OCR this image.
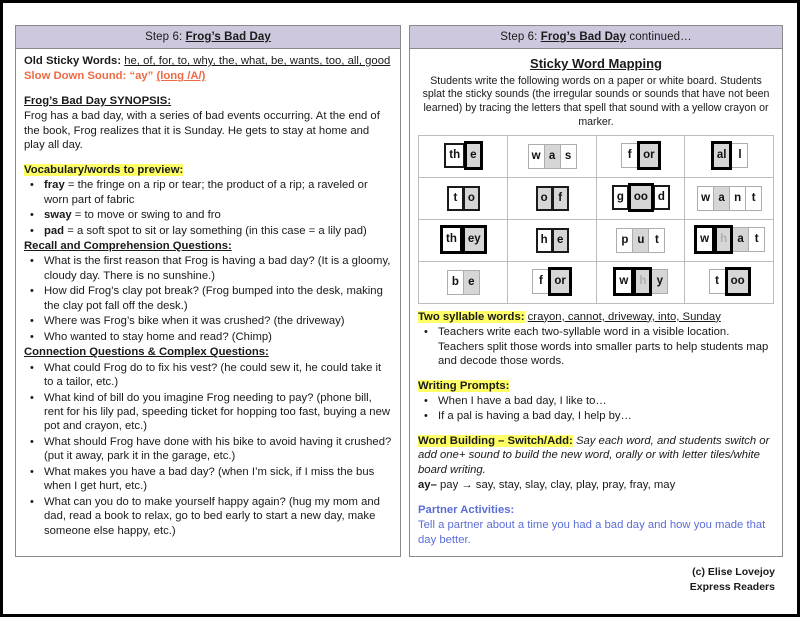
Step 6: Frog’s Bad Day
Old Sticky Words: he, of, for, to, why, the, what, be, wants, too, all, good
Slow Down Sound: “ay” (long /A/)
Frog’s Bad Day SYNOPSIS:
Frog has a bad day, with a series of bad events occurring. At the end of the book, Frog realizes that it is Sunday. He gets to stay at home and play all day.
Vocabulary/words to preview:
• fray = the fringe on a rip or tear; the product of a rip; a raveled or worn part of fabric
• sway = to move or swing to and fro
• pad = a soft spot to sit or lay something (in this case = a lily pad)
Recall and Comprehension Questions:
• What is the first reason that Frog is having a bad day? (It is a gloomy, cloudy day. There is no sunshine.)
• How did Frog’s clay pot break? (Frog bumped into the desk, making the clay pot fall off the desk.)
• Where was Frog’s bike when it was crushed? (the driveway)
• Who wanted to stay home and read? (Chimp)
Connection Questions & Complex Questions:
• What could Frog do to fix his vest? (he could sew it, he could take it to a tailor, etc.)
• What kind of bill do you imagine Frog needing to pay? (phone bill, rent for his lily pad, speeding ticket for hopping too fast, buying a new pot and crayon, etc.)
• What should Frog have done with his bike to avoid having it crushed? (put it away, park it in the garage, etc.)
• What makes you have a bad day? (when I’m sick, if I miss the bus when I get hurt, etc.)
• What can you do to make yourself happy again? (hug my mom and dad, read a book to relax, go to bed early to start a new day, make someone else happy, etc.)
Step 6: Frog’s Bad Day continued…
Sticky Word Mapping
Students write the following words on a paper or white board. Students splat the sticky sounds (the irregular sounds or sounds that have not been learned) by tracing the letters that spell that sound with a yellow crayon or marker.
th e	w a s	f or	al l

t o	o f	g oo d	w a n t

th ey	h e	p u t	w h a t

b e	f or	w h y	t oo
Two syllable words: crayon, cannot, driveway, into, Sunday
• Teachers write each two-syllable word in a visible location. Teachers split those words into smaller parts to help students map and decode those words.
Writing Prompts:
• When I have a bad day, I like to…
• If a pal is having a bad day, I help by…
Word Building – Switch/Add: Say each word, and students switch or add one+ sound to build the new word, orally or with letter tiles/white board writing.
ay– pay → say, stay, slay, clay, play, pray, fray, may
Partner Activities:
Tell a partner about a time you had a bad day and how you made that day better.
(c) Elise Lovejoy
Express Readers
